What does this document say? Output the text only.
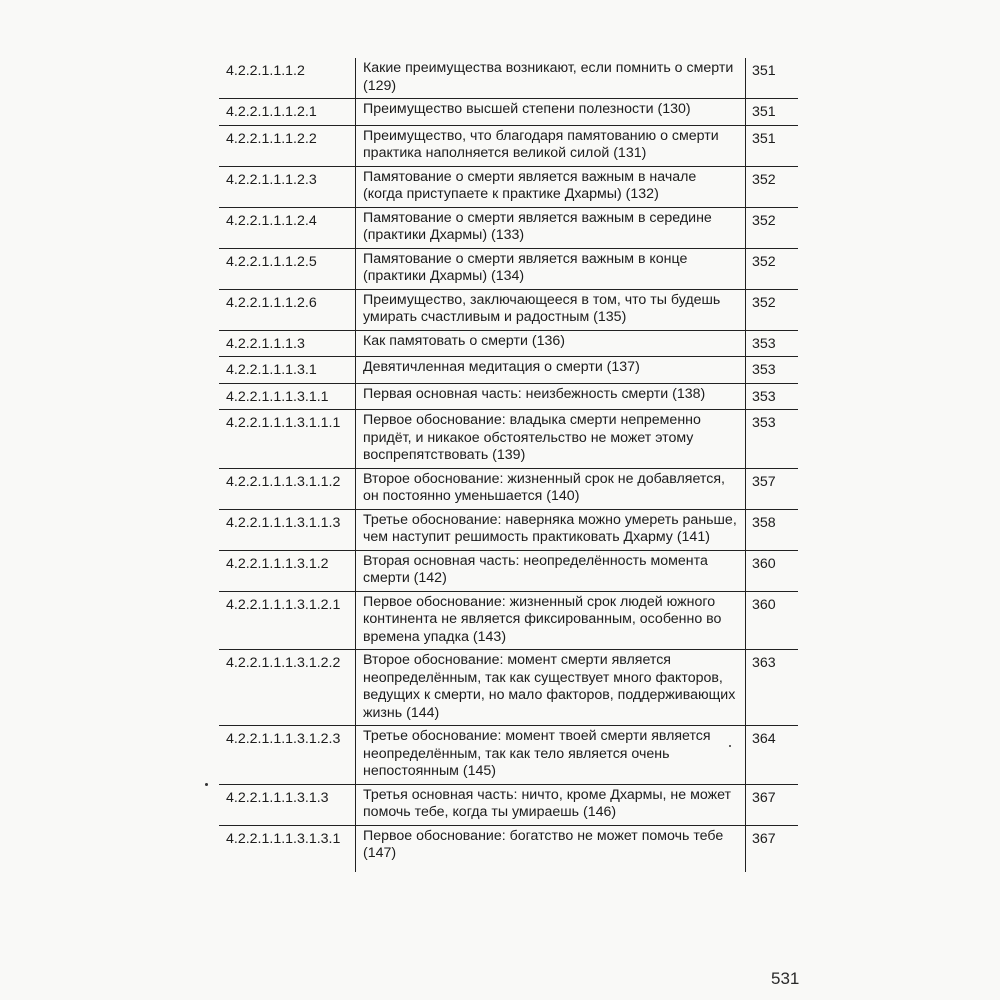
4.2.2.1.1.1.2	Какие преимущества возникают, если помнить о смерти (129)	351
4.2.2.1.1.1.2.1	Преимущество высшей степени полезности (130)	351
4.2.2.1.1.1.2.2	Преимущество, что благодаря памятованию о смерти практика наполняется великой силой (131)	351
4.2.2.1.1.1.2.3	Памятование о смерти является важным в начале (когда приступаете к практике Дхармы) (132)	352
4.2.2.1.1.1.2.4	Памятование о смерти является важным в середине (практики Дхармы) (133)	352
4.2.2.1.1.1.2.5	Памятование о смерти является важным в конце (практики Дхармы) (134)	352
4.2.2.1.1.1.2.6	Преимущество, заключающееся в том, что ты будешь умирать счастливым и радостным (135)	352
4.2.2.1.1.1.3	Как памятовать о смерти (136)	353
4.2.2.1.1.1.3.1	Девятичленная медитация о смерти (137)	353
4.2.2.1.1.1.3.1.1	Первая основная часть: неизбежность смерти (138)	353
4.2.2.1.1.1.3.1.1.1	Первое обоснование: владыка смерти непременно придёт, и никакое обстоятельство не может этому воспрепятствовать (139)	353
4.2.2.1.1.1.3.1.1.2	Второе обоснование: жизненный срок не добавляется, он постоянно уменьшается (140)	357
4.2.2.1.1.1.3.1.1.3	Третье обоснование: наверняка можно умереть раньше, чем наступит решимость практиковать Дхарму (141)	358
4.2.2.1.1.1.3.1.2	Вторая основная часть: неопределённость момента смерти (142)	360
4.2.2.1.1.1.3.1.2.1	Первое обоснование: жизненный срок людей южного континента не является фиксированным, особенно во времена упадка (143)	360
4.2.2.1.1.1.3.1.2.2	Второе обоснование: момент смерти является неопределённым, так как существует много факторов, ведущих к смерти, но мало факторов, поддерживающих жизнь (144)	363
4.2.2.1.1.1.3.1.2.3	Третье обоснование: момент твоей смерти является неопределённым, так как тело является очень непостоянным (145)	364
4.2.2.1.1.1.3.1.3	Третья основная часть: ничто, кроме Дхармы, не может помочь тебе, когда ты умираешь (146)	367
4.2.2.1.1.1.3.1.3.1	Первое обоснование: богатство не может помочь тебе (147)	367
531
